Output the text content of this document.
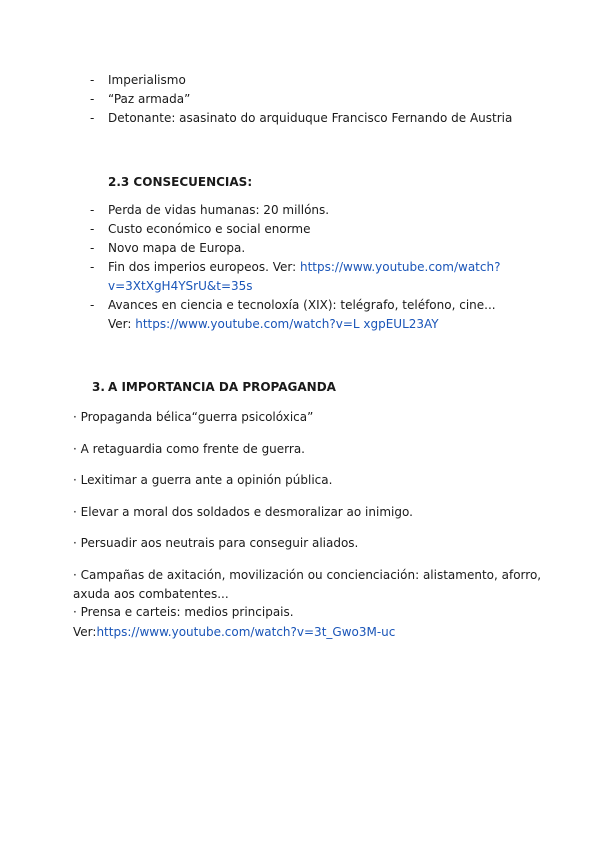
- Imperialismo
- “Paz armada”
- Detonante: asasinato do arquiduque Francisco Fernando de Austria
2.3 CONSECUENCIAS:
- Perda de vidas humanas: 20 millóns.
- Custo económico e social enorme
- Novo mapa de Europa.
- Fin dos imperios europeos. Ver: https://www.youtube.com/watch?v=3XtXgH4YSrU&t=35s
- Avances en ciencia e tecnoloxía (XIX): telégrafo, teléfono, cine... Ver: https://www.youtube.com/watch?v=L xgpEUL23AY
3. A IMPORTANCIA DA PROPAGANDA

· Propaganda bélica“guerra psicolóxica”

· A retaguardia como frente de guerra.

· Lexitimar a guerra ante a opinión pública.

· Elevar a moral dos soldados e desmoralizar ao inimigo.

· Persuadir aos neutrais para conseguir aliados.

· Campañas de axitación, movilización ou concienciación: alistamento, aforro, axuda aos combatentes...

· Prensa e carteis: medios principais.

Ver:https://www.youtube.com/watch?v=3t_Gwo3M-uc
